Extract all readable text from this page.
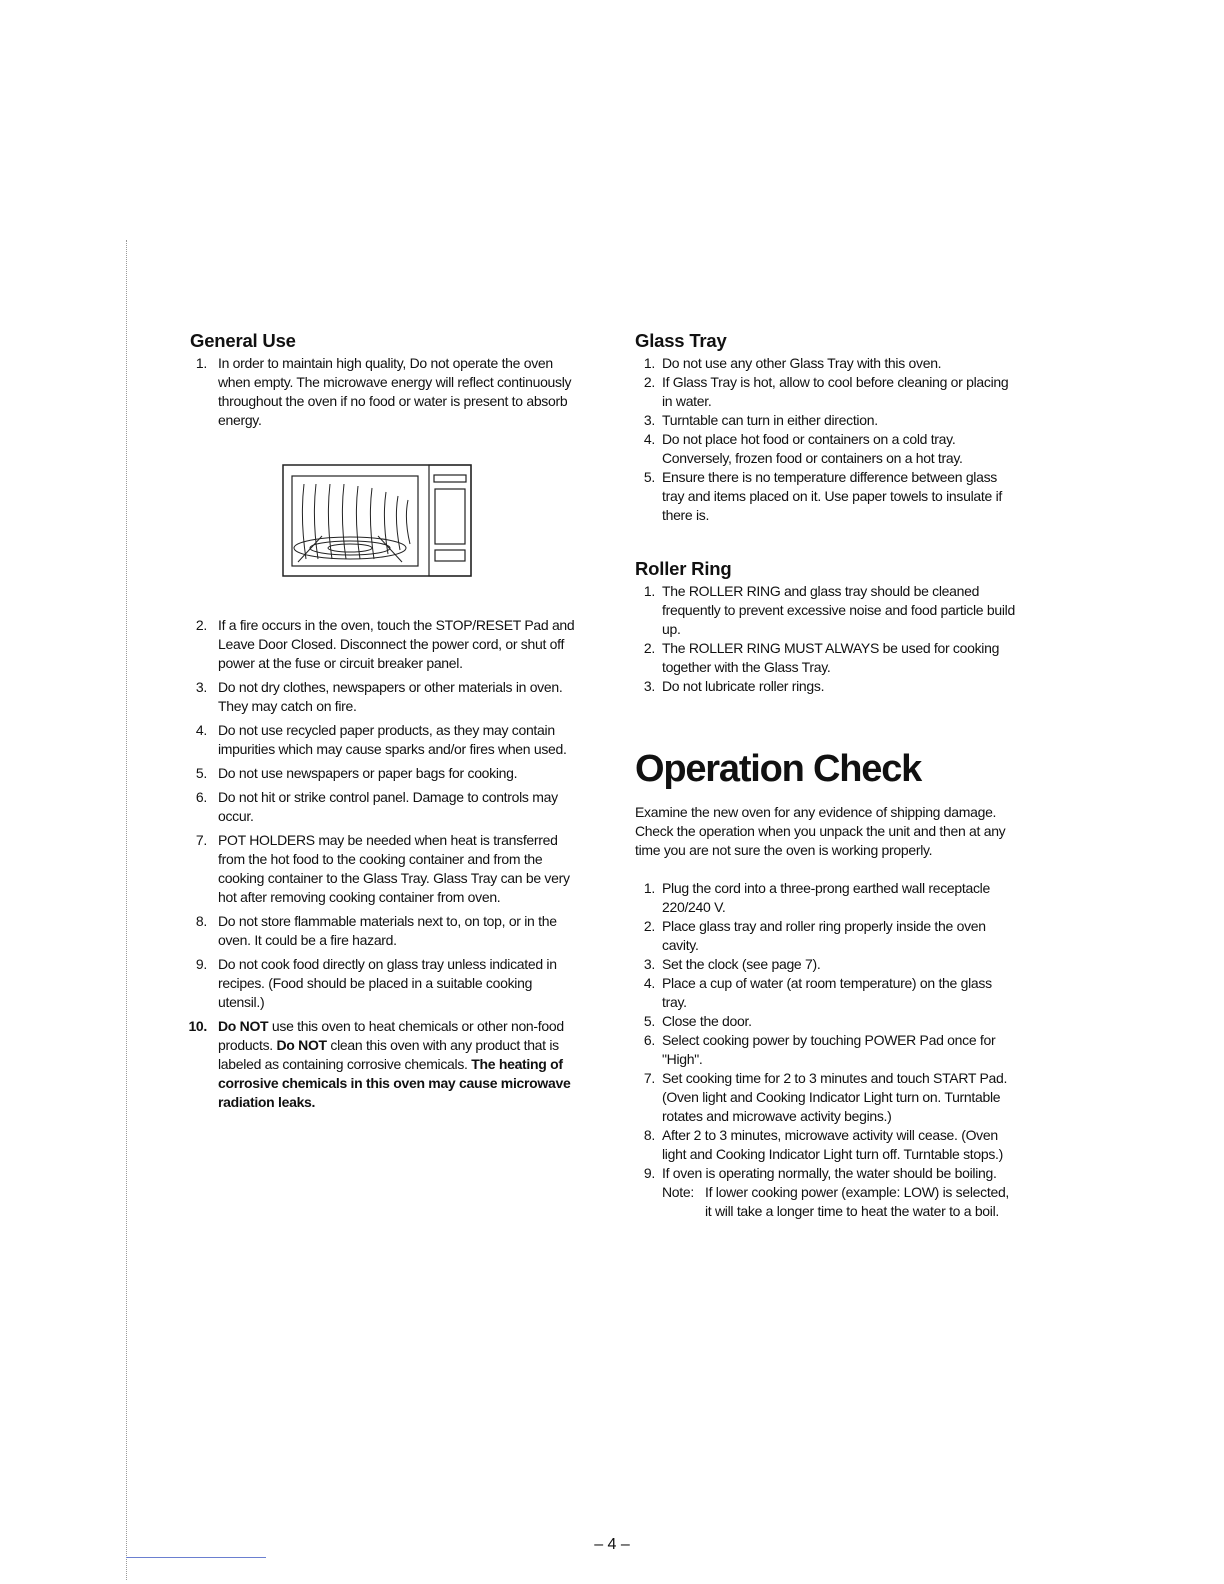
General Use
1. In order to maintain high quality, Do not operate the oven when empty. The microwave energy will reflect continuously throughout the oven if no food or water is present to absorb energy.
2. If a fire occurs in the oven, touch the STOP/RESET Pad and Leave Door Closed. Disconnect the power cord, or shut off power at the fuse or circuit breaker panel.
3. Do not dry clothes, newspapers or other materials in oven. They may catch on fire.
4. Do not use recycled paper products, as they may contain impurities which may cause sparks and/or fires when used.
5. Do not use newspapers or paper bags for cooking.
6. Do not hit or strike control panel. Damage to controls may occur.
7. POT HOLDERS may be needed when heat is transferred from the hot food to the cooking container and from the cooking container to the Glass Tray. Glass Tray can be very hot after removing cooking container from oven.
8. Do not store flammable materials next to, on top, or in the oven. It could be a fire hazard.
9. Do not cook food directly on glass tray unless indicated in recipes. (Food should be placed in a suitable cooking utensil.)
10. Do NOT use this oven to heat chemicals or other non-food products. Do NOT clean this oven with any product that is labeled as containing corrosive chemicals. The heating of corrosive chemicals in this oven may cause microwave radiation leaks.
Glass Tray
1. Do not use any other Glass Tray with this oven.
2. If Glass Tray is hot, allow to cool before cleaning or placing in water.
3. Turntable can turn in either direction.
4. Do not place hot food or containers on a cold tray. Conversely, frozen food or containers on a hot tray.
5. Ensure there is no temperature difference between glass tray and items placed on it. Use paper towels to insulate if there is.
Roller Ring
1. The ROLLER RING and glass tray should be cleaned frequently to prevent excessive noise and food particle build up.
2. The ROLLER RING MUST ALWAYS be used for cooking together with the Glass Tray.
3. Do not lubricate roller rings.
Operation Check

Examine the new oven for any evidence of shipping damage. Check the operation when you unpack the unit and then at any time you are not sure the oven is working properly.

1. Plug the cord into a three-prong earthed wall receptacle 220/240 V.
2. Place glass tray and roller ring properly inside the oven cavity.
3. Set the clock (see page 7).
4. Place a cup of water (at room temperature) on the glass tray.
5. Close the door.
6. Select cooking power by touching POWER Pad once for "High".
7. Set cooking time for 2 to 3 minutes and touch START Pad. (Oven light and Cooking Indicator Light turn on. Turntable rotates and microwave activity begins.)
8. After 2 to 3 minutes, microwave activity will cease. (Oven light and Cooking Indicator Light turn off. Turntable stops.)
9. If oven is operating normally, the water should be boiling.
Note: If lower cooking power (example: LOW) is selected, it will take a longer time to heat the water to a boil.
– 4 –
